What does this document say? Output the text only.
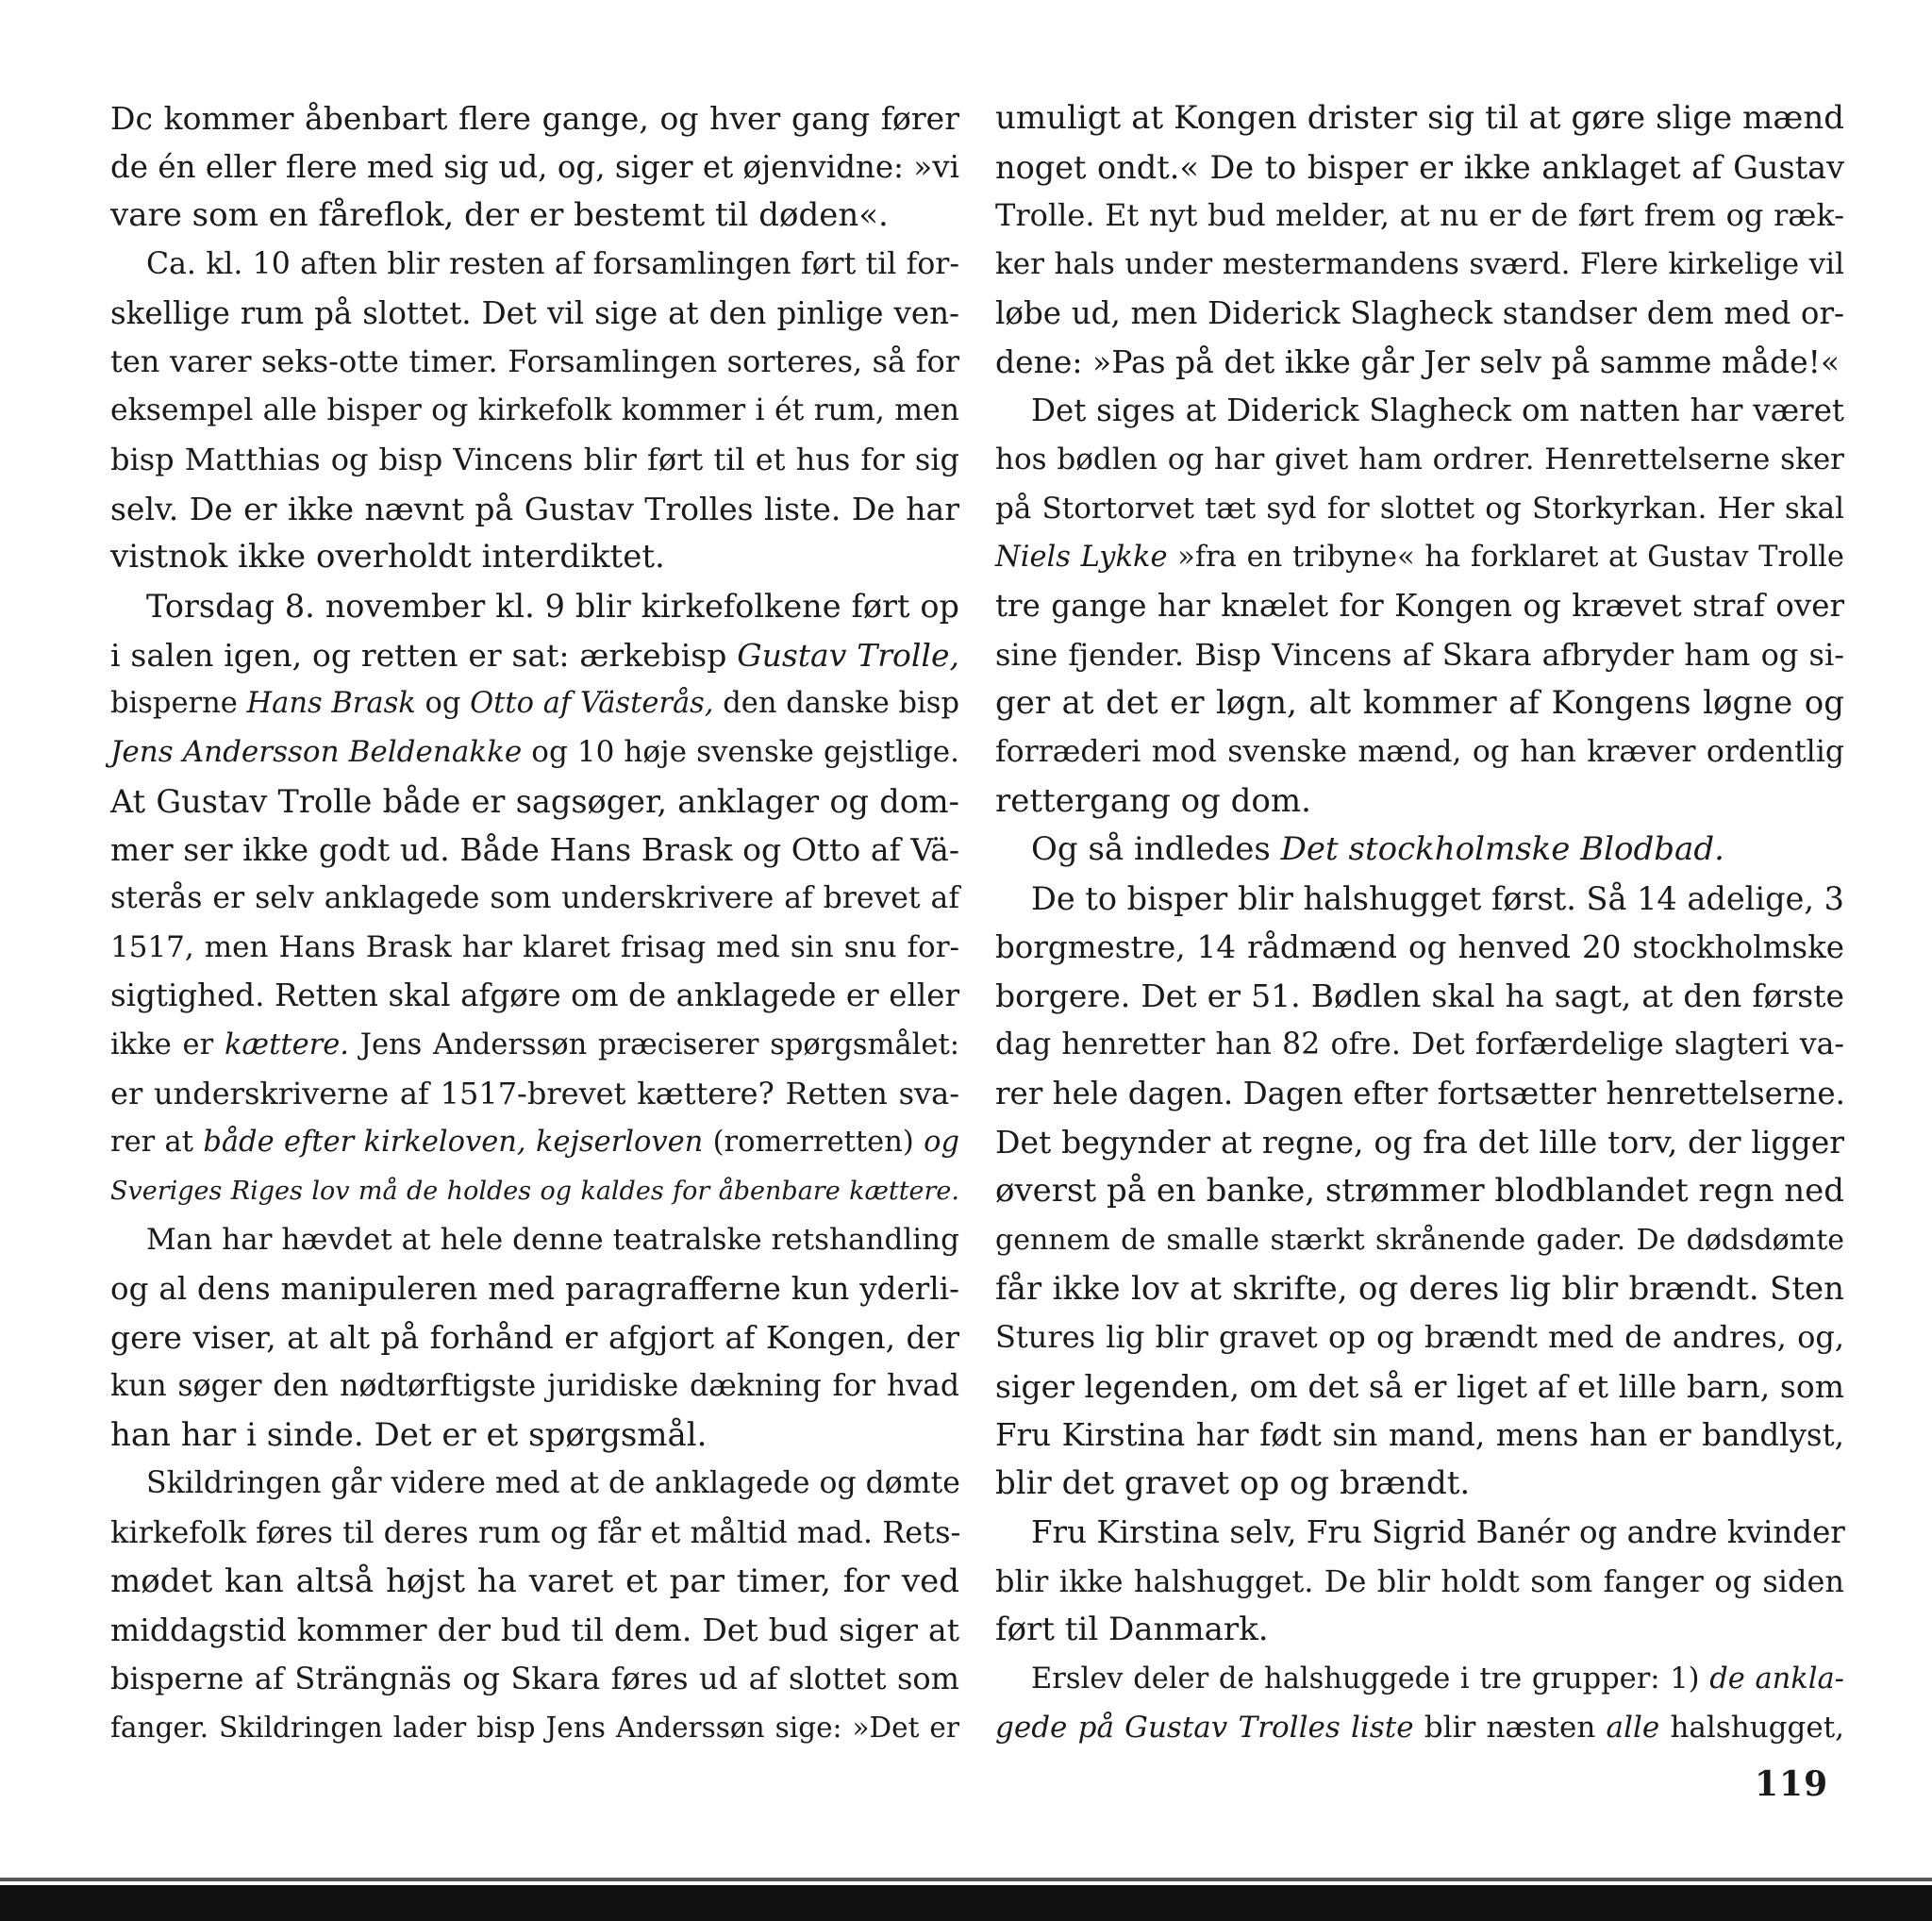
Dc kommer åbenbart flere gange, og hver gang fører
de én eller flere med sig ud, og, siger et øjenvidne: »vi
vare som en fåreflok, der er bestemt til døden«.
Ca. kl. 10 aften blir resten af forsamlingen ført til for-
skellige rum på slottet. Det vil sige at den pinlige ven-
ten varer seks-otte timer. Forsamlingen sorteres, så for
eksempel alle bisper og kirkefolk kommer i ét rum, men
bisp Matthias og bisp Vincens blir ført til et hus for sig
selv. De er ikke nævnt på Gustav Trolles liste. De har
vistnok ikke overholdt interdiktet.
Torsdag 8. november kl. 9 blir kirkefolkene ført op
i salen igen, og retten er sat: ærkebisp Gustav Trolle,
bisperne Hans Brask og Otto af Västerås, den danske bisp
Jens Andersson Beldenakke og 10 høje svenske gejstlige.
At Gustav Trolle både er sagsøger, anklager og dom-
mer ser ikke godt ud. Både Hans Brask og Otto af Vä-
sterås er selv anklagede som underskrivere af brevet af
1517, men Hans Brask har klaret frisag med sin snu for-
sigtighed. Retten skal afgøre om de anklagede er eller
ikke er kættere. Jens Anderssøn præciserer spørgsmålet:
er underskriverne af 1517-brevet kættere? Retten sva-
rer at både efter kirkeloven, kejserloven (romerretten) og
Sveriges Riges lov må de holdes og kaldes for åbenbare kættere.
Man har hævdet at hele denne teatralske retshandling
og al dens manipuleren med paragrafferne kun yderli-
gere viser, at alt på forhånd er afgjort af Kongen, der
kun søger den nødtørftigste juridiske dækning for hvad
han har i sinde. Det er et spørgsmål.
Skildringen går videre med at de anklagede og dømte
kirkefolk føres til deres rum og får et måltid mad. Rets-
mødet kan altså højst ha varet et par timer, for ved
middagstid kommer der bud til dem. Det bud siger at
bisperne af Strängnäs og Skara føres ud af slottet som
fanger. Skildringen lader bisp Jens Anderssøn sige: »Det er
umuligt at Kongen drister sig til at gøre slige mænd
noget ondt.« De to bisper er ikke anklaget af Gustav
Trolle. Et nyt bud melder, at nu er de ført frem og ræk-
ker hals under mestermandens sværd. Flere kirkelige vil
løbe ud, men Diderick Slagheck standser dem med or-
dene: »Pas på det ikke går Jer selv på samme måde!«
Det siges at Diderick Slagheck om natten har været
hos bødlen og har givet ham ordrer. Henrettelserne sker
på Stortorvet tæt syd for slottet og Storkyrkan. Her skal
Niels Lykke »fra en tribyne« ha forklaret at Gustav Trolle
tre gange har knælet for Kongen og krævet straf over
sine fjender. Bisp Vincens af Skara afbryder ham og si-
ger at det er løgn, alt kommer af Kongens løgne og
forræderi mod svenske mænd, og han kræver ordentlig
rettergang og dom.
Og så indledes Det stockholmske Blodbad.
De to bisper blir halshugget først. Så 14 adelige, 3
borgmestre, 14 rådmænd og henved 20 stockholmske
borgere. Det er 51. Bødlen skal ha sagt, at den første
dag henretter han 82 ofre. Det forfærdelige slagteri va-
rer hele dagen. Dagen efter fortsætter henrettelserne.
Det begynder at regne, og fra det lille torv, der ligger
øverst på en banke, strømmer blodblandet regn ned
gennem de smalle stærkt skrånende gader. De dødsdømte
får ikke lov at skrifte, og deres lig blir brændt. Sten
Stures lig blir gravet op og brændt med de andres, og,
siger legenden, om det så er liget af et lille barn, som
Fru Kirstina har født sin mand, mens han er bandlyst,
blir det gravet op og brændt.
Fru Kirstina selv, Fru Sigrid Banér og andre kvinder
blir ikke halshugget. De blir holdt som fanger og siden
ført til Danmark.
Erslev deler de halshuggede i tre grupper: 1) de ankla-
gede på Gustav Trolles liste blir næsten alle halshugget,
119
